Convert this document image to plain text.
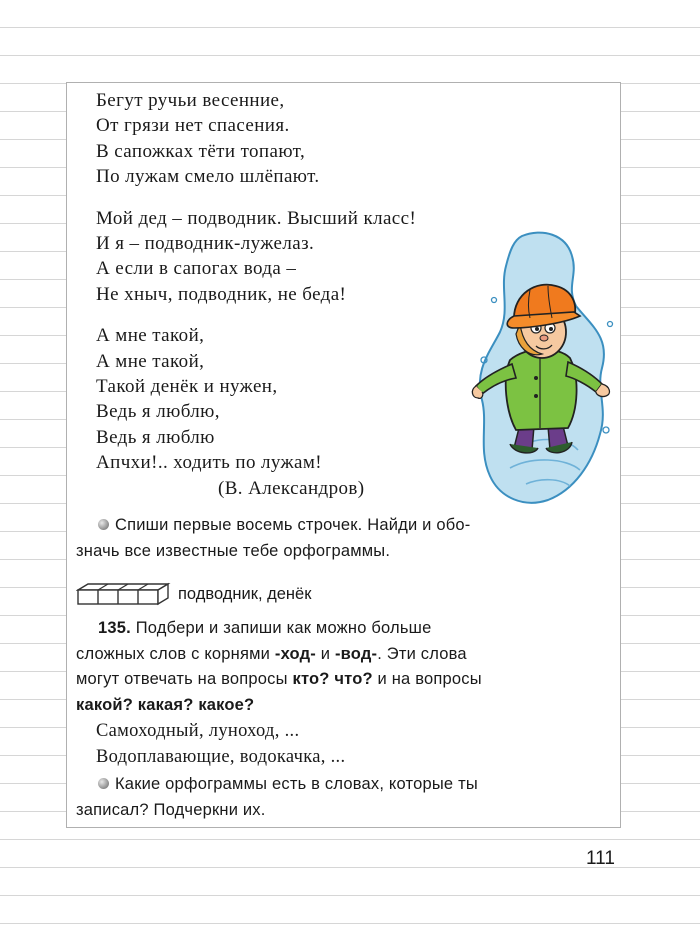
Бегут ручьи весенние,
От грязи нет спасения.
В сапожках тёти топают,
По лужам смело шлёпают.
Мой дед – подводник. Высший класс!
И я – подводник-лужелаз.
А если в сапогах вода –
Не хныч, подводник, не беда!
А мне такой,
А мне такой,
Такой денёк и нужен,
Ведь я люблю,
Ведь я люблю
Апчхи!.. ходить по лужам!
(В. Александров)
Спиши первые восемь строчек. Найди и обо-
значь все известные тебе орфограммы.
подводник, денёк
135. Подбери и запиши как можно больше
сложных слов с корнями -ход- и -вод-. Эти слова
могут отвечать на вопросы кто? что? и на вопросы
какой? какая? какое?
Самоходный, луноход, ...
Водоплавающие, водокачка, ...
Какие орфограммы есть в словах, которые ты
записал? Подчеркни их.
111
